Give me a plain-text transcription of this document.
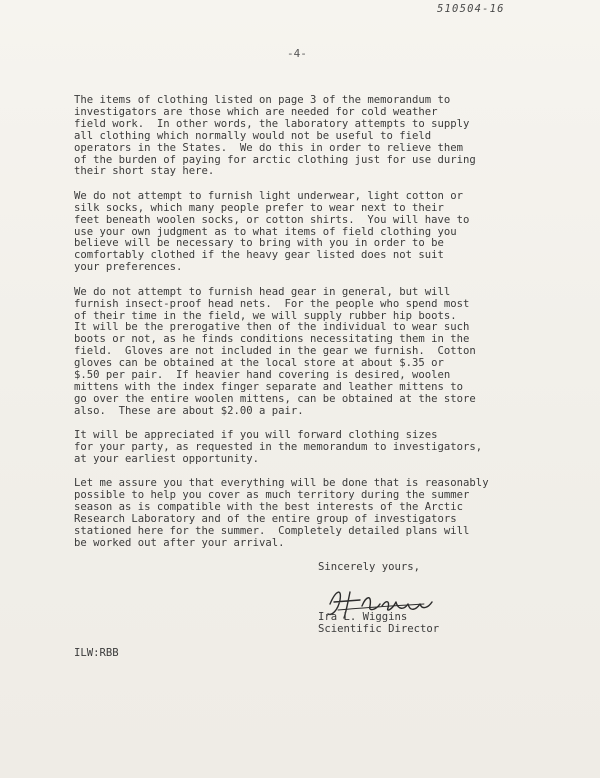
510504-16
-4-
The items of clothing listed on page 3 of the memorandum to
investigators are those which are needed for cold weather
field work.  In other words, the laboratory attempts to supply
all clothing which normally would not be useful to field
operators in the States.  We do this in order to relieve them
of the burden of paying for arctic clothing just for use during
their short stay here.
We do not attempt to furnish light underwear, light cotton or
silk socks, which many people prefer to wear next to their
feet beneath woolen socks, or cotton shirts.  You will have to
use your own judgment as to what items of field clothing you
believe will be necessary to bring with you in order to be
comfortably clothed if the heavy gear listed does not suit
your preferences.
We do not attempt to furnish head gear in general, but will
furnish insect-proof head nets.  For the people who spend most
of their time in the field, we will supply rubber hip boots.
It will be the prerogative then of the individual to wear such
boots or not, as he finds conditions necessitating them in the
field.  Gloves are not included in the gear we furnish.  Cotton
gloves can be obtained at the local store at about $.35 or
$.50 per pair.  If heavier hand covering is desired, woolen
mittens with the index finger separate and leather mittens to
go over the entire woolen mittens, can be obtained at the store
also.  These are about $2.00 a pair.
It will be appreciated if you will forward clothing sizes
for your party, as requested in the memorandum to investigators,
at your earliest opportunity.
Let me assure you that everything will be done that is reasonably
possible to help you cover as much territory during the summer
season as is compatible with the best interests of the Arctic
Research Laboratory and of the entire group of investigators
stationed here for the summer.  Completely detailed plans will
be worked out after your arrival.
Sincerely yours,
Ira L. Wiggins
Scientific Director
ILW:RBB
